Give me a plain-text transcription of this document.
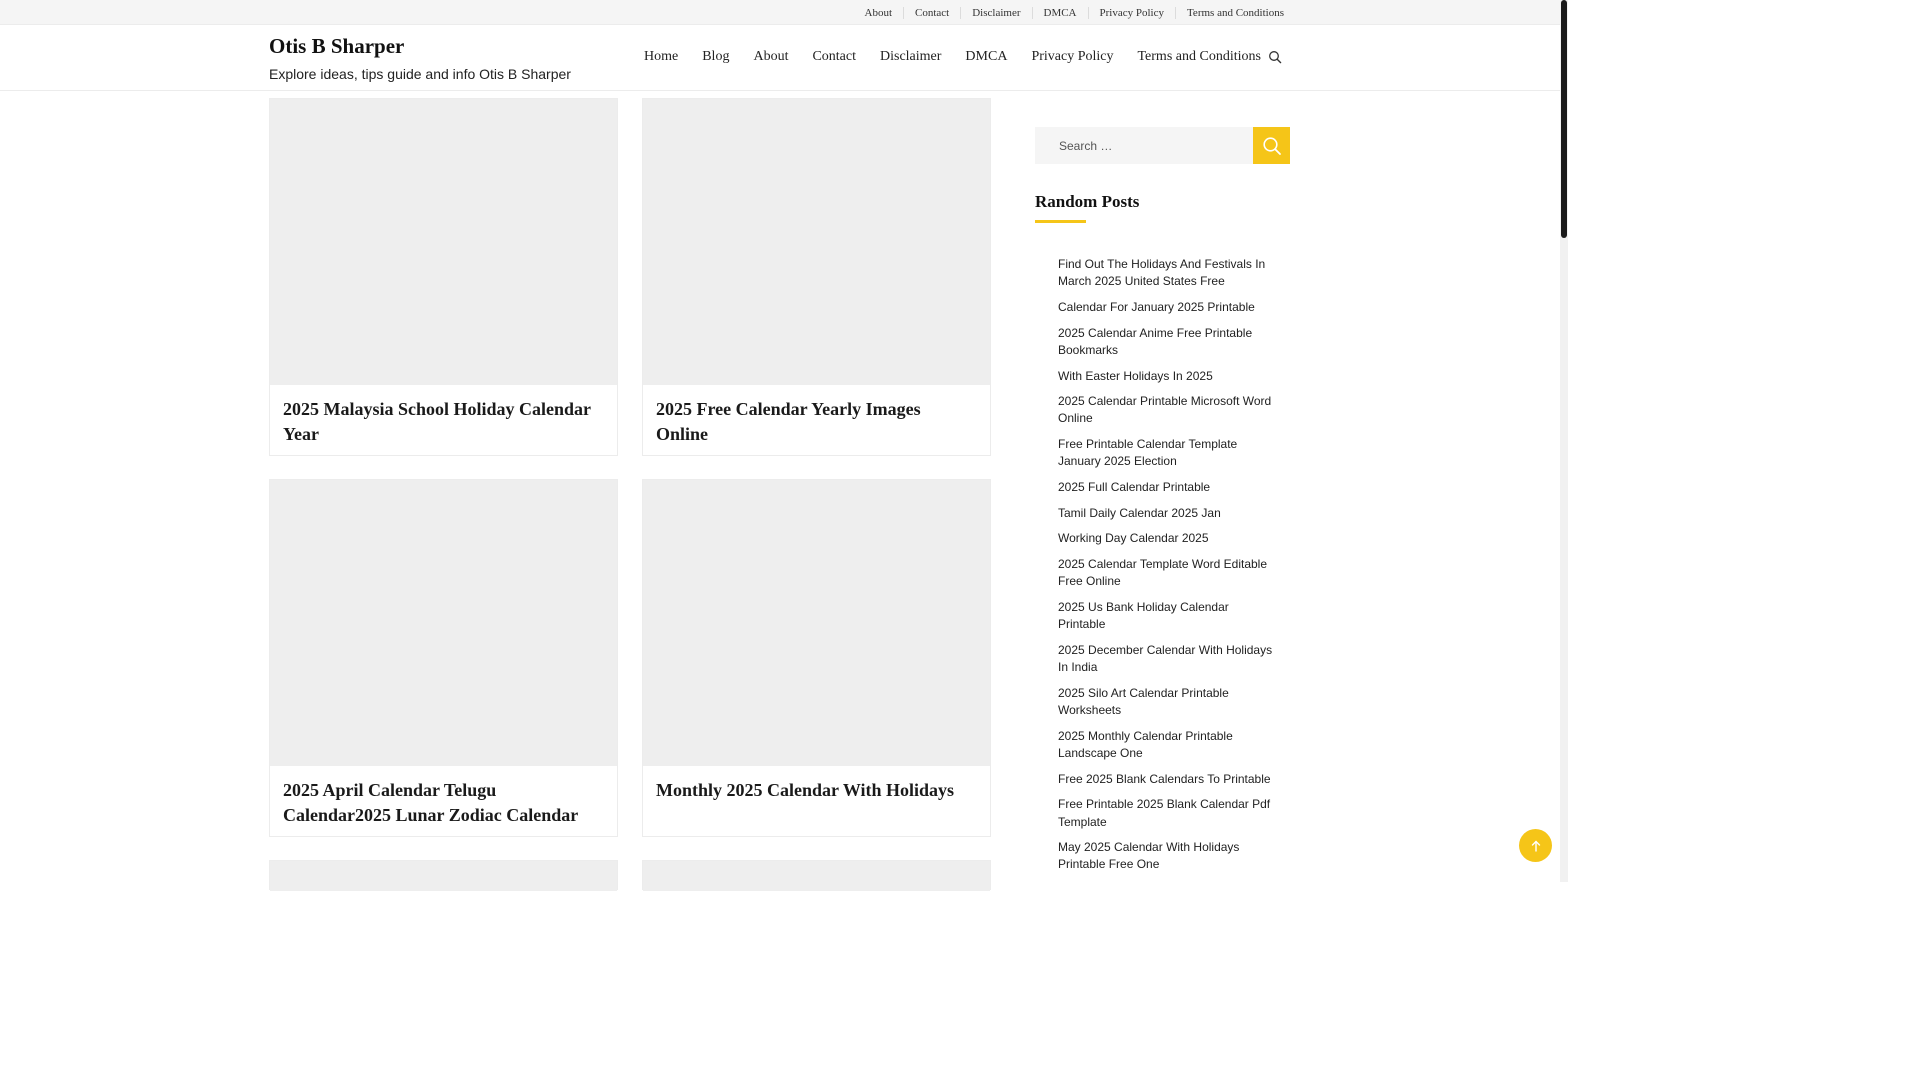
About	Contact	Disclaimer	DMCA	Privacy Policy	Terms and Conditions
Otis B Sharper
Explore ideas, tips guide and info Otis B Sharper
Home	Blog	About	Contact	Disclaimer	DMCA	Privacy Policy	Terms and Conditions
2025 Malaysia School Holiday Calendar Year
2025 Free Calendar Yearly Images Online
2025 April Calendar Telugu Calendar2025 Lunar Zodiac Calendar
Monthly 2025 Calendar With Holidays
Search …
Random Posts
Find Out The Holidays And Festivals In March 2025 United States Free
Calendar For January 2025 Printable
2025 Calendar Anime Free Printable Bookmarks
With Easter Holidays In 2025
2025 Calendar Printable Microsoft Word Online
Free Printable Calendar Template January 2025 Election
2025 Full Calendar Printable
Tamil Daily Calendar 2025 Jan
Working Day Calendar 2025
2025 Calendar Template Word Editable Free Online
2025 Us Bank Holiday Calendar Printable
2025 December Calendar With Holidays In India
2025 Silo Art Calendar Printable Worksheets
2025 Monthly Calendar Printable Landscape One
Free 2025 Blank Calendars To Printable
Free Printable 2025 Blank Calendar Pdf Template
May 2025 Calendar With Holidays Printable Free One
